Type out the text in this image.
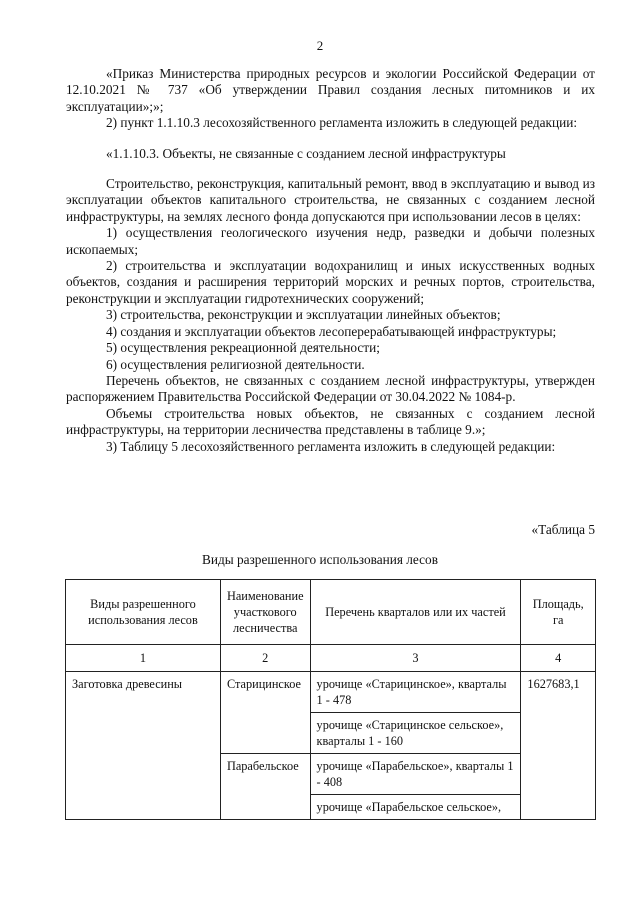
2

«Приказ Министерства природных ресурсов и экологии Российской Федерации от 12.10.2021 № 737 «Об утверждении Правил создания лесных питомников и их эксплуатации»;»;

2) пункт 1.1.10.3 лесохозяйственного регламента изложить в следующей редакции:

«1.1.10.3. Объекты, не связанные с созданием лесной инфраструктуры

Строительство, реконструкция, капитальный ремонт, ввод в эксплуатацию и вывод из эксплуатации объектов капитального строительства, не связанных с созданием лесной инфраструктуры, на землях лесного фонда допускаются при использовании лесов в целях:

1) осуществления геологического изучения недр, разведки и добычи полезных ископаемых;

2) строительства и эксплуатации водохранилищ и иных искусственных водных объектов, создания и расширения территорий морских и речных портов, строительства, реконструкции и эксплуатации гидротехнических сооружений;

3) строительства, реконструкции и эксплуатации линейных объектов;

4) создания и эксплуатации объектов лесоперерабатывающей инфраструктуры;

5) осуществления рекреационной деятельности;

6) осуществления религиозной деятельности.

Перечень объектов, не связанных с созданием лесной инфраструктуры, утвержден распоряжением Правительства Российской Федерации от 30.04.2022 № 1084-р.

Объемы строительства новых объектов, не связанных с созданием лесной инфраструктуры, на территории лесничества представлены в таблице 9.»;

3) Таблицу 5 лесохозяйственного регламента изложить в следующей редакции:

«Таблица 5
Виды разрешенного использования лесов
Виды разрешенного использования лесов	Наименование участкового лесничества	Перечень кварталов или их частей	Площадь, га
1	2	3	4
Заготовка древесины	Старицинское	урочище «Старицинское», кварталы 1 - 478	1627683,1
		урочище «Старицинское сельское», кварталы 1 - 160	
	Парабельское	урочище «Парабельское», кварталы 1 - 408	
		урочище «Парабельское сельское»,	
